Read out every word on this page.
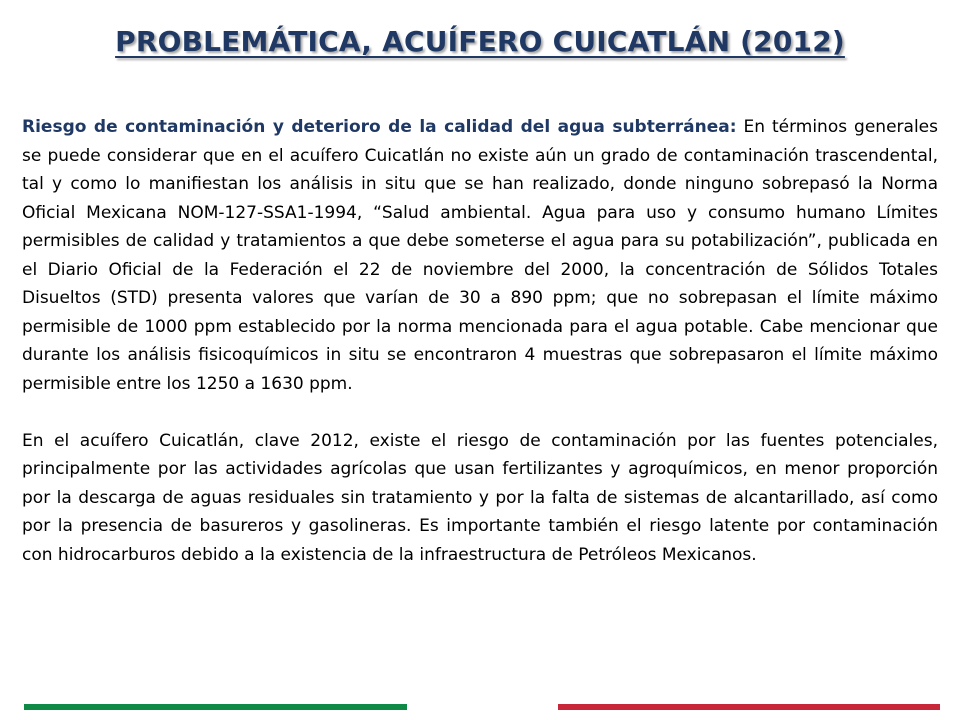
PROBLEMÁTICA, ACUÍFERO CUICATLÁN (2012)

Riesgo de contaminación y deterioro de la calidad del agua subterránea: En términos generales se puede considerar que en el acuífero Cuicatlán no existe aún un grado de contaminación trascendental, tal y como lo manifiestan los análisis in situ que se han realizado, donde ninguno sobrepasó la Norma Oficial Mexicana NOM-127-SSA1-1994, “Salud ambiental. Agua para uso y consumo humano Límites permisibles de calidad y tratamientos a que debe someterse el agua para su potabilización”, publicada en el Diario Oficial de la Federación el 22 de noviembre del 2000, la concentración de Sólidos Totales Disueltos (STD) presenta valores que varían de 30 a 890 ppm; que no sobrepasan el límite máximo permisible de 1000 ppm establecido por la norma mencionada para el agua potable. Cabe mencionar que durante los análisis fisicoquímicos in situ se encontraron 4 muestras que sobrepasaron el límite máximo permisible entre los 1250 a 1630 ppm.

En el acuífero Cuicatlán, clave 2012, existe el riesgo de contaminación por las fuentes potenciales, principalmente por las actividades agrícolas que usan fertilizantes y agroquímicos, en menor proporción por la descarga de aguas residuales sin tratamiento y por la falta de sistemas de alcantarillado, así como por la presencia de basureros y gasolineras. Es importante también el riesgo latente por contaminación con hidrocarburos debido a la existencia de la infraestructura de Petróleos Mexicanos.
